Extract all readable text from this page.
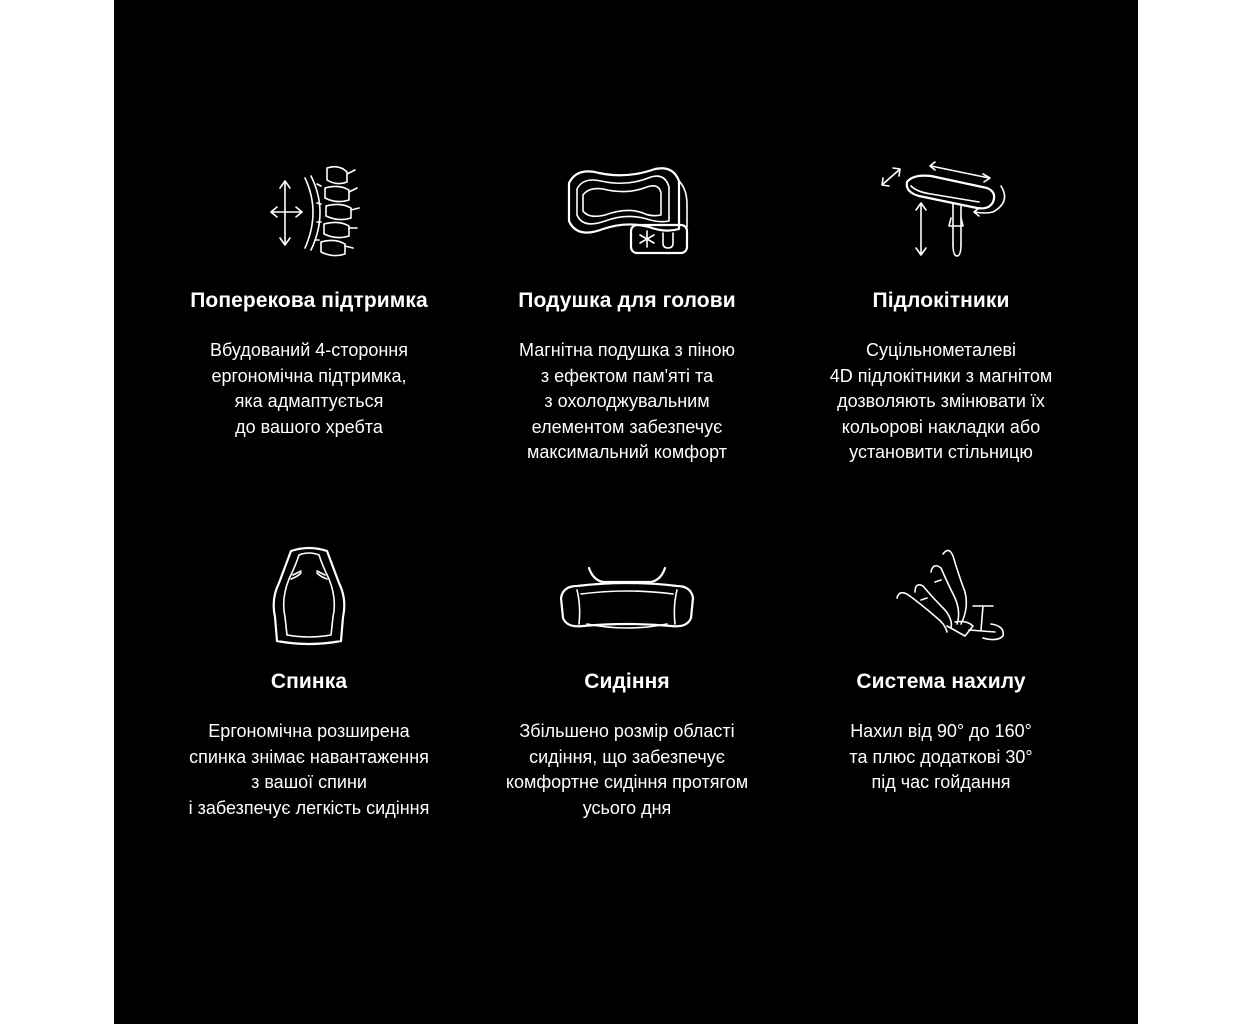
Поперекова підтримка
Вбудований 4-стороння
ергономічна підтримка,
яка адмаптується
до вашого хребта
Подушка для голови
Магнітна подушка з піною
з ефектом пам'яті та
з охолоджувальним
елементом забезпечує
максимальний комфорт
Підлокітники
Суцільнометалеві
4D підлокітники з магнітом
дозволяють змінювати їх
кольорові накладки або
установити стільницю
Спинка
Ергономічна розширена
спинка знімає навантаження
з вашої спини
і забезпечує легкість сидіння
Сидіння
Збільшено розмір області
сидіння, що забезпечує
комфортне сидіння протягом
усього дня
Система нахилу
Нахил від 90° до 160°
та плюс додаткові 30°
під час гойдання
